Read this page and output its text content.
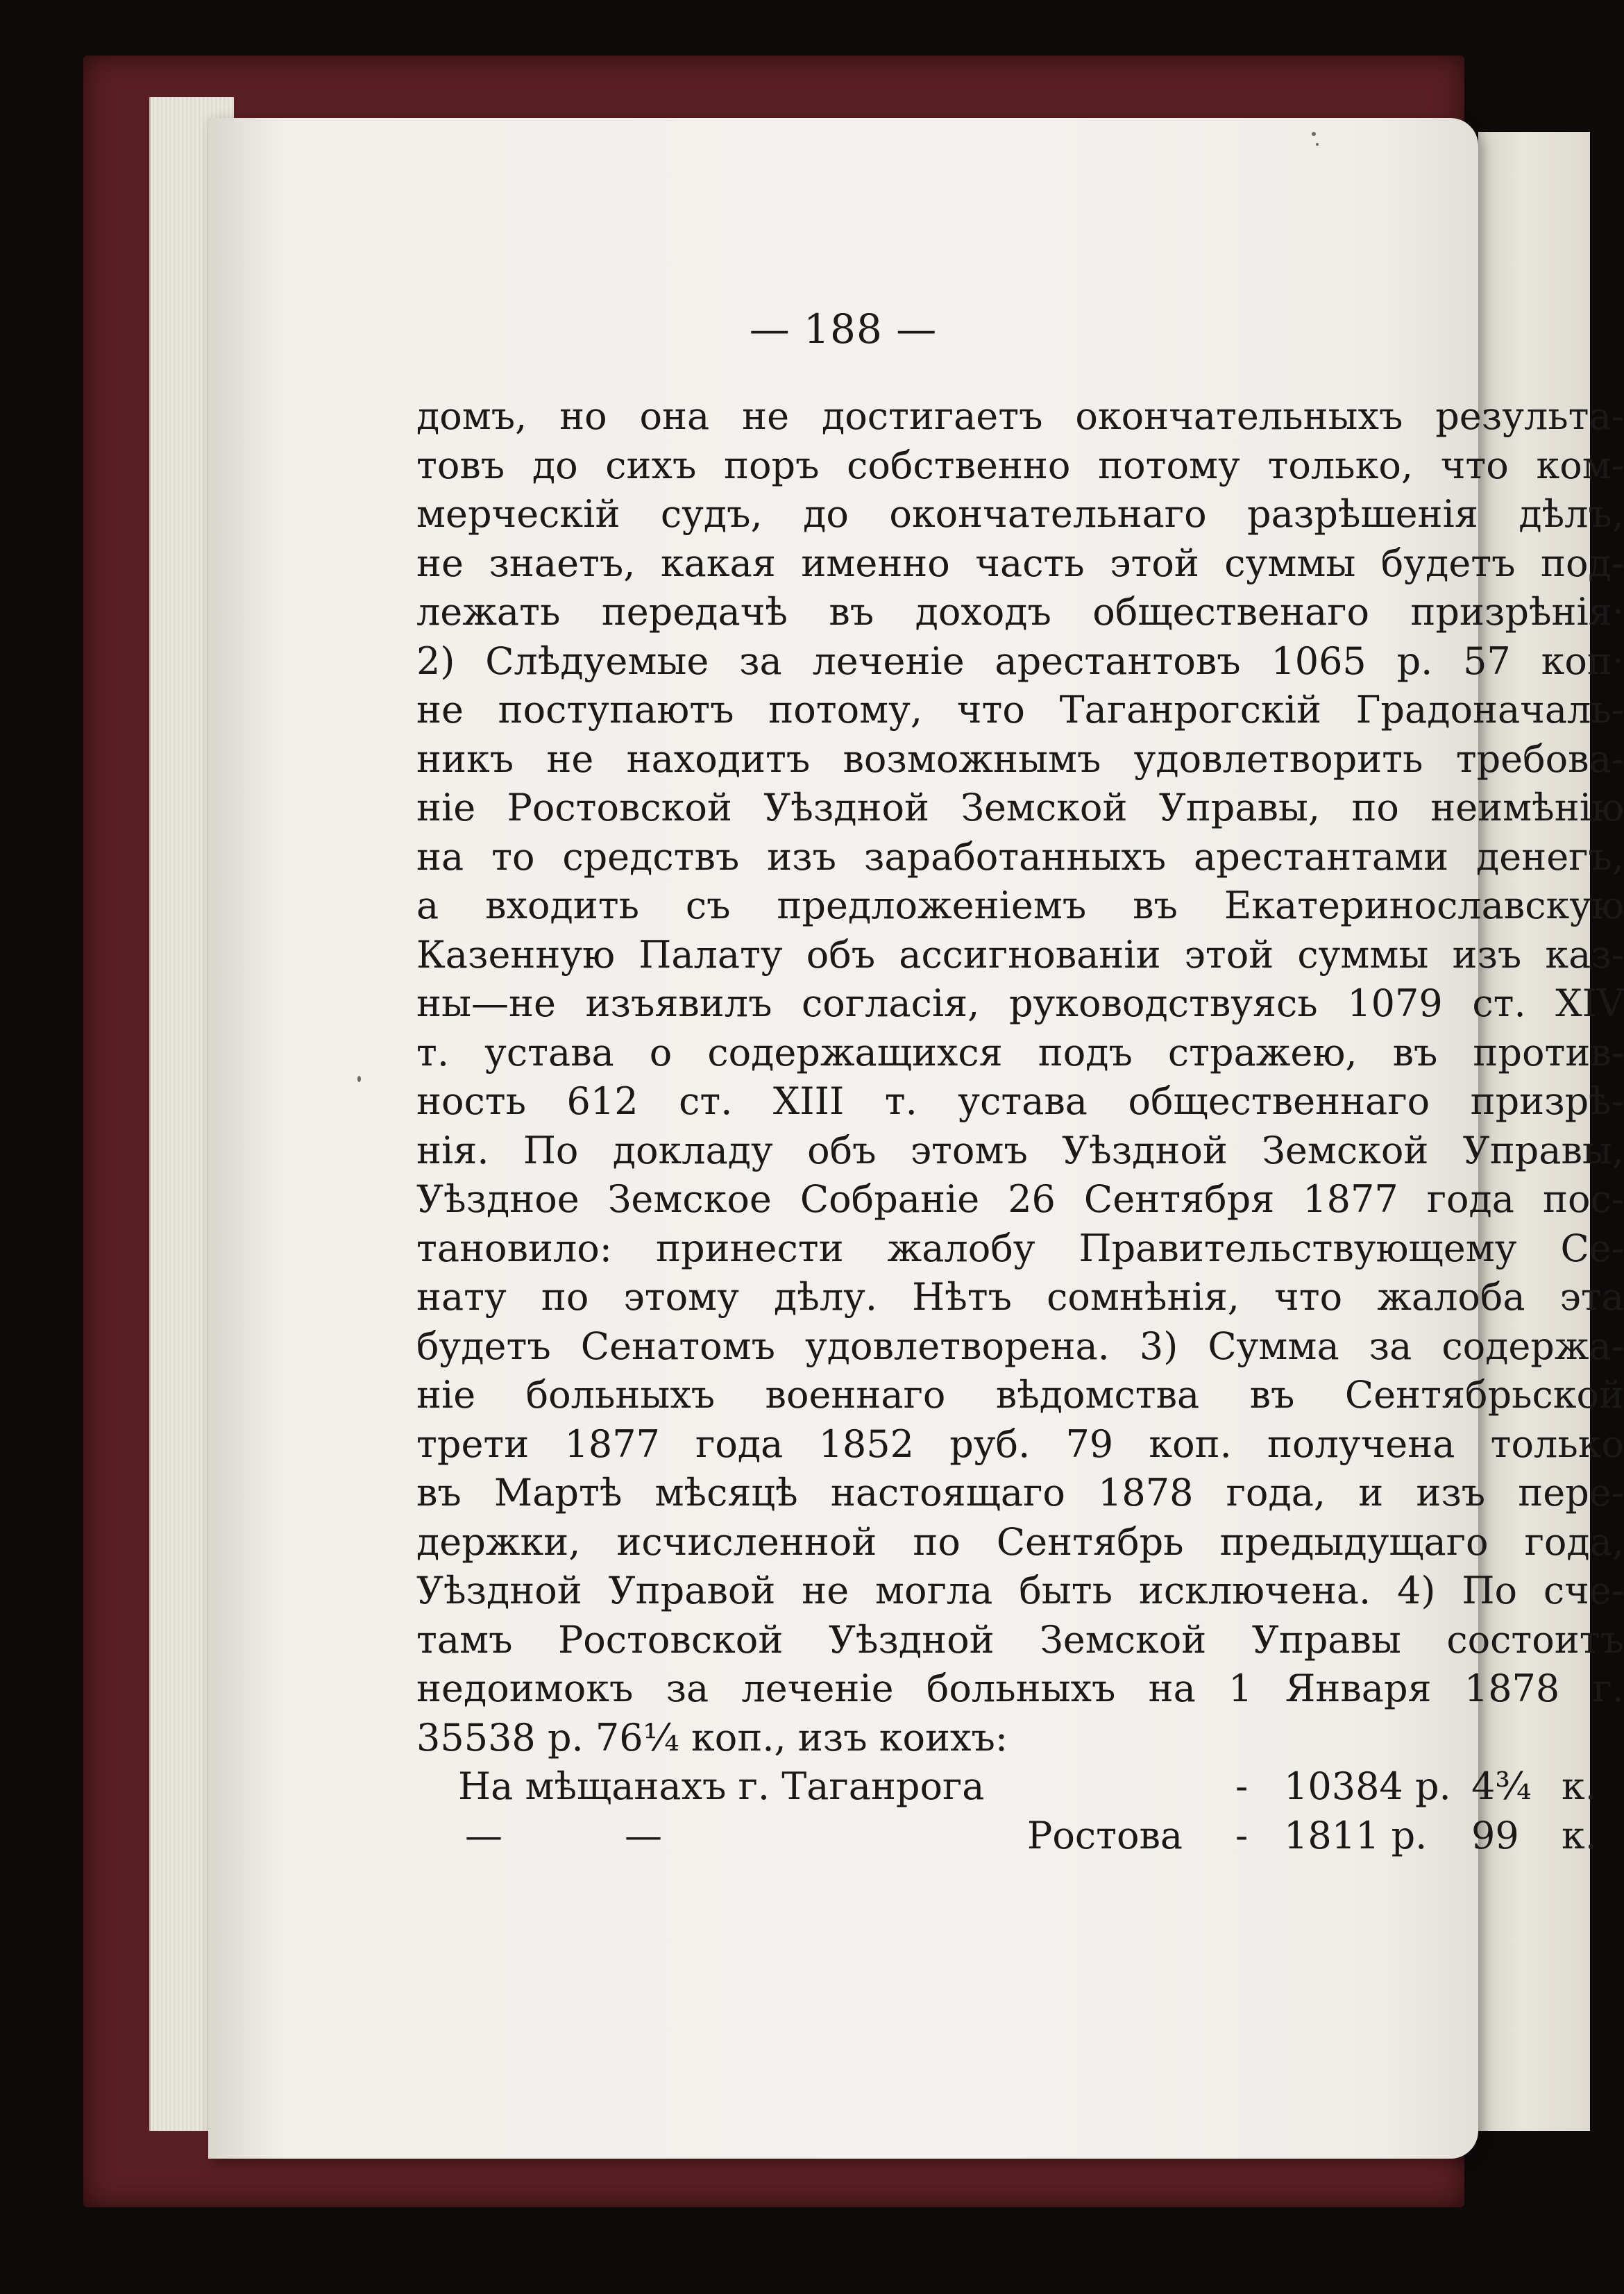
— 188 —
домъ, но она не достигаетъ окончательныхъ результа-
товъ до сихъ поръ собственно потому только, что ком-
мерческій судъ, до окончательнаго разрѣшенія дѣлъ,
не знаетъ, какая именно часть этой суммы будетъ под-
лежать передачѣ въ доходъ общественаго призрѣнія·
2) Слѣдуемые за леченіе арестантовъ 1065 р. 57 коп·
не поступаютъ потому, что Таганрогскій Градоначаль-
никъ не находитъ возможнымъ удовлетворить требова-
ніе Ростовской Уѣздной Земской Управы, по неимѣнію
на то средствъ изъ заработанныхъ арестантами денегъ,
а входить съ предложеніемъ въ Екатеринославскую
Казенную Палату объ ассигнованіи этой суммы изъ каз-
ны—не изъявилъ согласія, руководствуясь 1079 ст. XIV
т. устава о содержащихся подъ стражею, въ против-
ность 612 ст. XIII т. устава общественнаго призрѣ-
нія. По докладу объ этомъ Уѣздной Земской Управы,
Уѣздное Земское Собраніе 26 Сентября 1877 года пос-
тановило: принести жалобу Правительствующему Се-
нату по этому дѣлу. Нѣтъ сомнѣнія, что жалоба эта
будетъ Сенатомъ удовлетворена. 3) Сумма за содержа-
ніе больныхъ военнаго вѣдомства въ Сентябрьской
трети 1877 года 1852 руб. 79 коп. получена только
въ Мартѣ мѣсяцѣ настоящаго 1878 года, и изъ пере-
держки, исчисленной по Сентябрь предыдущаго года,
Уѣздной Управой не могла быть исключена. 4) По сче-
тамъ Ростовской Уѣздной Земской Управы состоитъ
недоимокъ за леченіе больныхъ на 1 Января 1878 г.
35538 р. 76¼ коп., изъ коихъ:
На мѣщанахъ г. Таганрога	- 10384 р. 4¾ к.
—	—	Ростова - 1811 р. 99 к.
